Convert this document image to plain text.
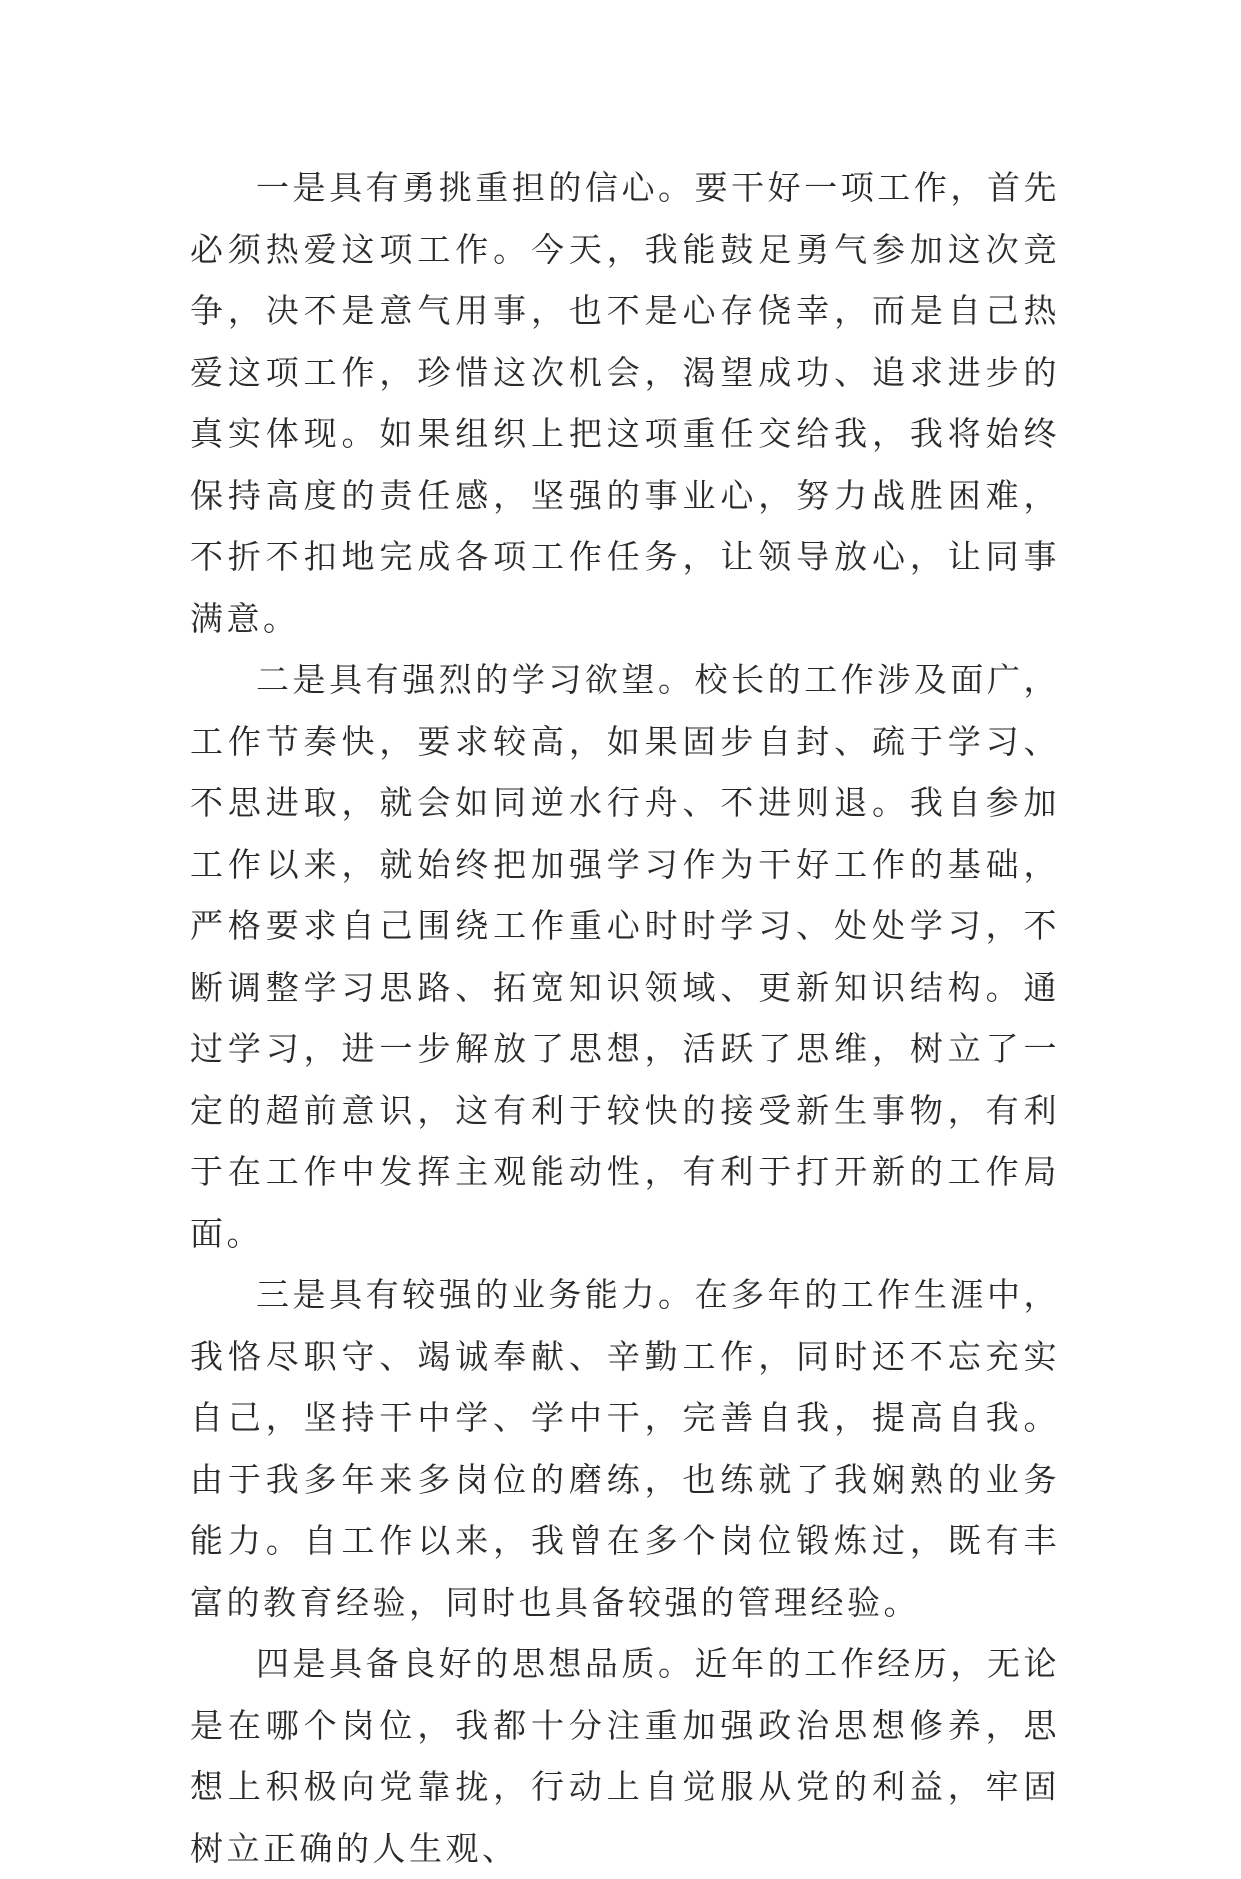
一是具有勇挑重担的信心。要干好一项工作，首先必须热爱这项工作。今天，我能鼓足勇气参加这次竞争，决不是意气用事，也不是心存侥幸，而是自己热爱这项工作，珍惜这次机会，渴望成功、追求进步的真实体现。如果组织上把这项重任交给我，我将始终保持高度的责任感，坚强的事业心，努力战胜困难，不折不扣地完成各项工作任务，让领导放心，让同事满意。

二是具有强烈的学习欲望。校长的工作涉及面广，工作节奏快，要求较高，如果固步自封、疏于学习、不思进取，就会如同逆水行舟、不进则退。我自参加工作以来，就始终把加强学习作为干好工作的基础，严格要求自己围绕工作重心时时学习、处处学习，不断调整学习思路、拓宽知识领域、更新知识结构。通过学习，进一步解放了思想，活跃了思维，树立了一定的超前意识，这有利于较快的接受新生事物，有利于在工作中发挥主观能动性，有利于打开新的工作局面。

三是具有较强的业务能力。在多年的工作生涯中，我恪尽职守、竭诚奉献、辛勤工作，同时还不忘充实自己，坚持干中学、学中干，完善自我，提高自我。由于我多年来多岗位的磨练，也练就了我娴熟的业务能力。自工作以来，我曾在多个岗位锻炼过，既有丰富的教育经验，同时也具备较强的管理经验。

四是具备良好的思想品质。近年的工作经历，无论是在哪个岗位，我都十分注重加强政治思想修养，思想上积极向党靠拢，行动上自觉服从党的利益，牢固树立正确的人生观、
